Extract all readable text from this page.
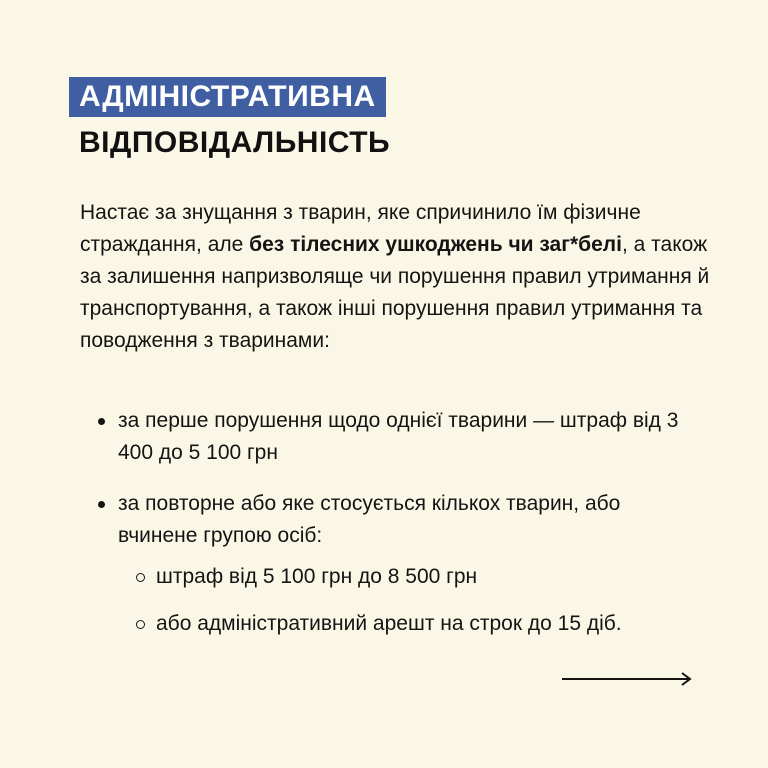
АДМІНІСТРАТИВНА
ВІДПОВІДАЛЬНІСТЬ

Настає за знущання з тварин, яке спричинило їм фізичне страждання, але без тілесних ушкоджень чи заг*белі, а також за залишення напризволяще чи порушення правил утримання й транспортування, а також інші порушення правил утримання та поводження з тваринами:

за перше порушення щодо однієї тварини — штраф від 3 400 до 5 100 грн
за повторне або яке стосується кількох тварин, або вчинене групою осіб:
штраф від 5 100 грн до 8 500 грн
або адміністративний арешт на строк до 15 діб.
